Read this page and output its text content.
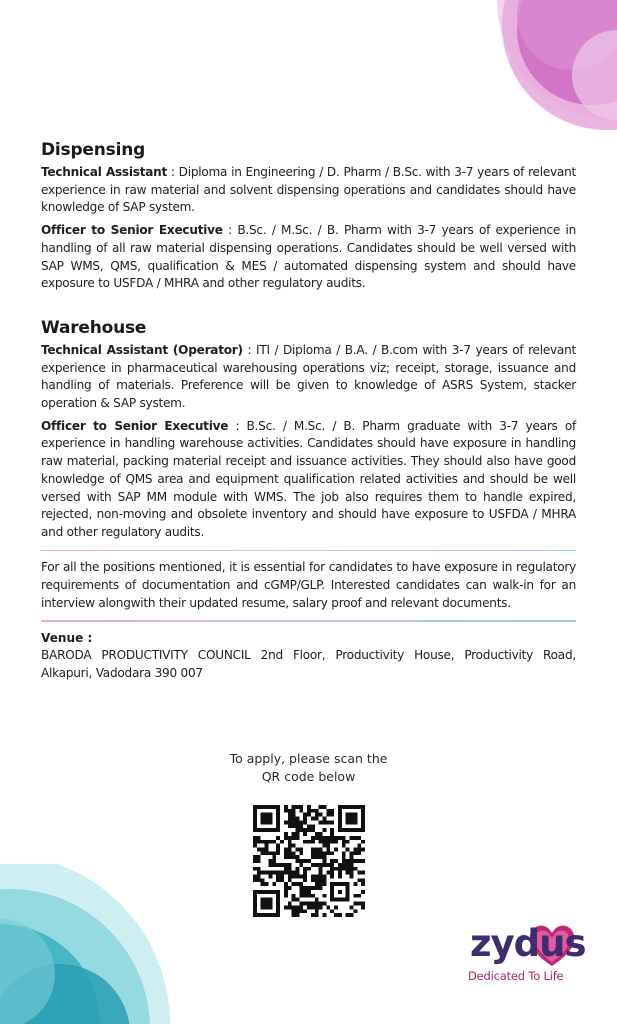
Dispensing

Technical Assistant : Diploma in Engineering / D. Pharm / B.Sc. with 3-7 years of relevant experience in raw material and solvent dispensing operations and candidates should have knowledge of SAP system.

Officer to Senior Executive : B.Sc. / M.Sc. / B. Pharm with 3-7 years of experience in handling of all raw material dispensing operations. Candidates should be well versed with SAP WMS, QMS, qualification & MES / automated dispensing system and should have exposure to USFDA / MHRA and other regulatory audits.

Warehouse

Technical Assistant (Operator) : ITI / Diploma / B.A. / B.com with 3-7 years of relevant experience in pharmaceutical warehousing operations viz; receipt, storage, issuance and handling of materials. Preference will be given to knowledge of ASRS System, stacker operation & SAP system.

Officer to Senior Executive : B.Sc. / M.Sc. / B. Pharm graduate with 3-7 years of experience in handling warehouse activities. Candidates should have exposure in handling raw material, packing material receipt and issuance activities. They should also have good knowledge of QMS area and equipment qualification related activities and should be well versed with SAP MM module with WMS. The job also requires them to handle expired, rejected, non-moving and obsolete inventory and should have exposure to USFDA / MHRA and other regulatory audits.

For all the positions mentioned, it is essential for candidates to have exposure in regulatory requirements of documentation and cGMP/GLP. Interested candidates can walk-in for an interview alongwith their updated resume, salary proof and relevant documents.

Venue :
BARODA PRODUCTIVITY COUNCIL 2nd Floor, Productivity House, Productivity Road, Alkapuri, Vadodara 390 007
To apply, please scan the
QR code below
zydus
Dedicated To Life
